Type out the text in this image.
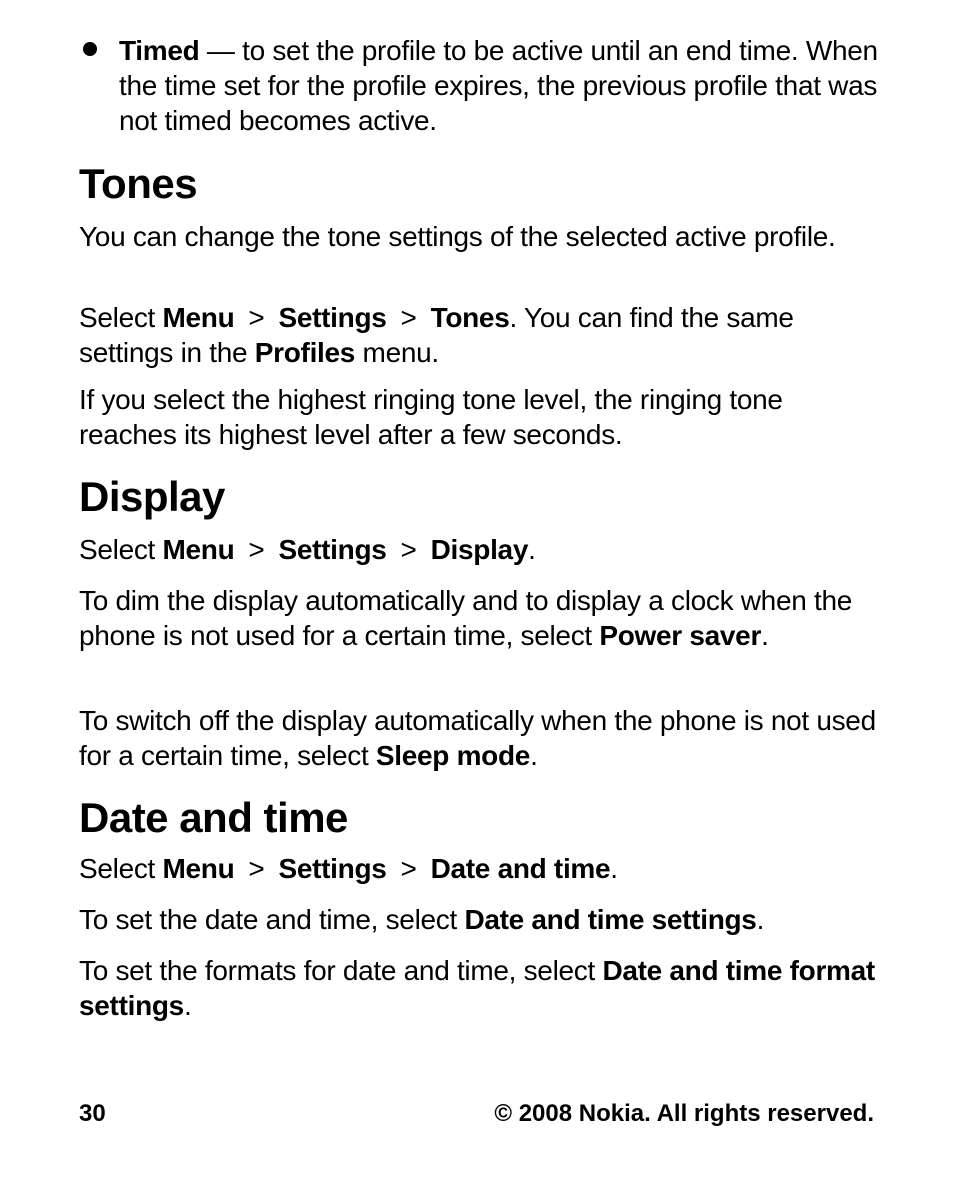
Timed — to set the profile to be active until an end time. When the time set for the profile expires, the previous profile that was not timed becomes active.
Tones

You can change the tone settings of the selected active profile.

Select Menu > Settings > Tones. You can find the same settings in the Profiles menu.

If you select the highest ringing tone level, the ringing tone reaches its highest level after a few seconds.

Display

Select Menu > Settings > Display.

To dim the display automatically and to display a clock when the phone is not used for a certain time, select Power saver.

To switch off the display automatically when the phone is not used for a certain time, select Sleep mode.

Date and time

Select Menu > Settings > Date and time.

To set the date and time, select Date and time settings.

To set the formats for date and time, select Date and time format settings.

30	© 2008 Nokia. All rights reserved.
